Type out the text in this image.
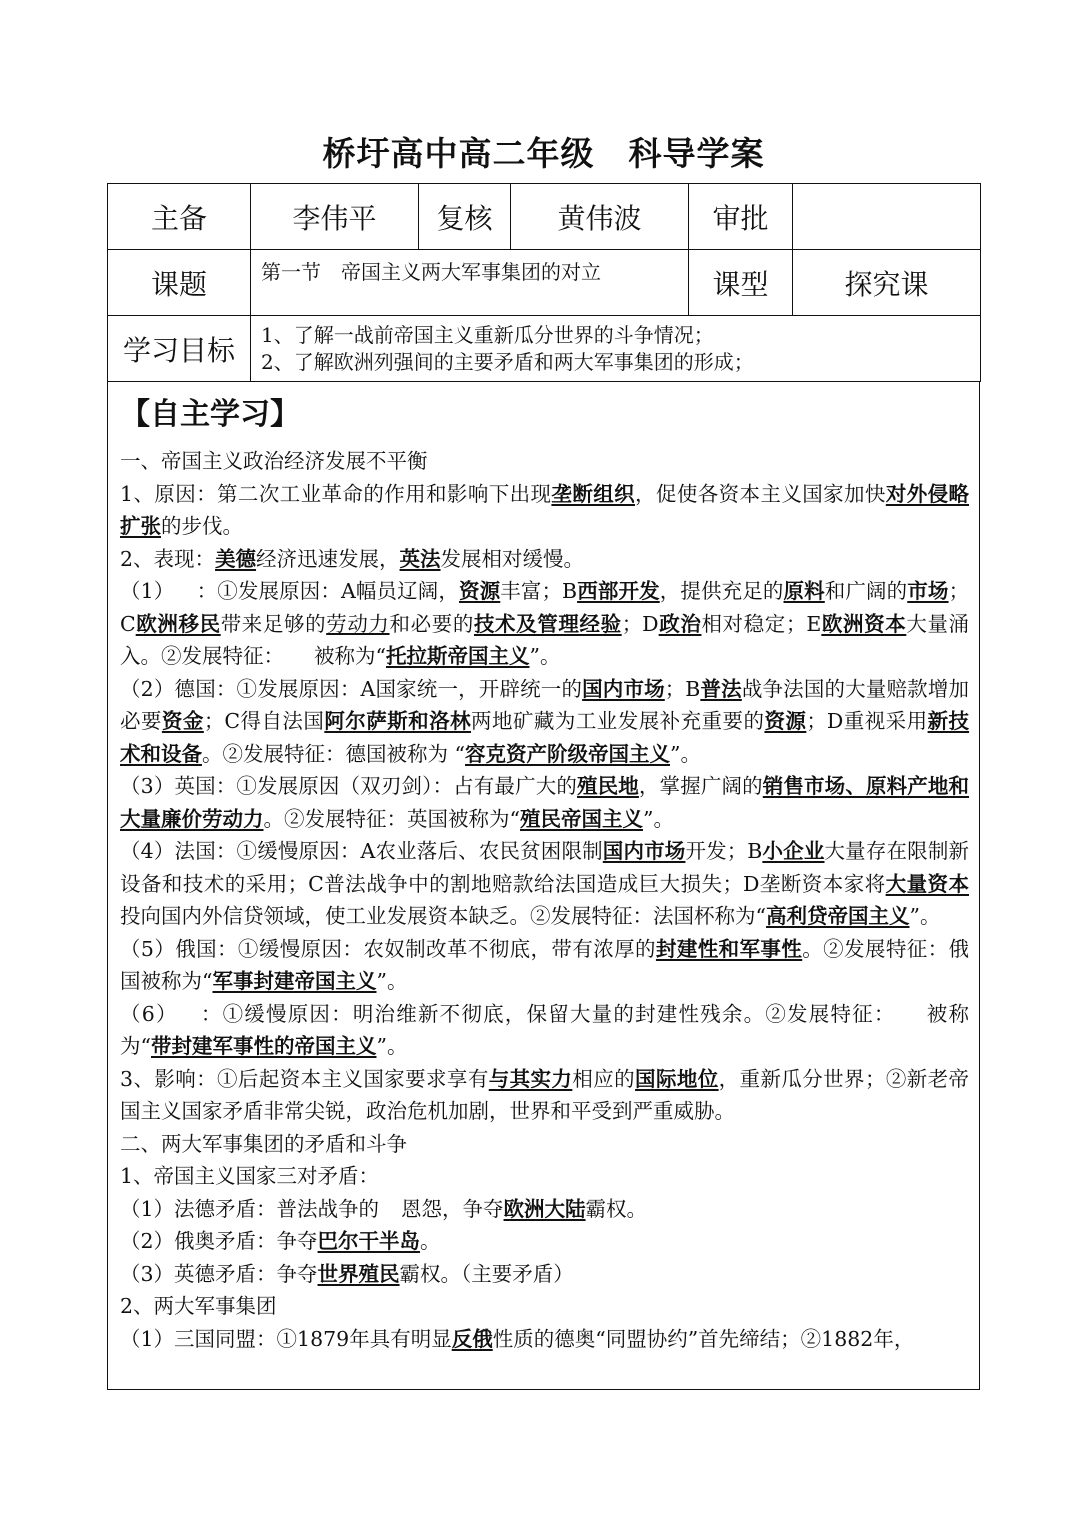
桥圩高中高二年级 科导学案
主备	李伟平	复核	黄伟波	审批	
课题	第一节　帝国主义两大军事集团的对立			课型	探究课
学习目标	1、了解一战前帝国主义重新瓜分世界的斗争情况；
2、了解欧洲列强间的主要矛盾和两大军事集团的形成；				
【自主学习】

一、帝国主义政治经济发展不平衡

1、原因：第二次工业革命的作用和影响下出现垄断组织，促使各资本主义国家加快对外侵略扩张的步伐。

2、表现：美德经济迅速发展，英法发展相对缓慢。

（1） ：①发展原因：A幅员辽阔，资源丰富；B西部开发，提供充足的原料和广阔的市场；C欧洲移民带来足够的劳动力和必要的技术及管理经验；D政治相对稳定；E欧洲资本大量涌入。②发展特征： 被称为“托拉斯帝国主义”。

（2）德国：①发展原因：A国家统一，开辟统一的国内市场；B普法战争法国的大量赔款增加必要资金；C得自法国阿尔萨斯和洛林两地矿藏为工业发展补充重要的资源；D重视采用新技术和设备。②发展特征：德国被称为 “容克资产阶级帝国主义”。

（3）英国：①发展原因（双刃剑）：占有最广大的殖民地，掌握广阔的销售市场、原料产地和大量廉价劳动力。②发展特征：英国被称为“殖民帝国主义”。

（4）法国：①缓慢原因：A农业落后、农民贫困限制国内市场开发；B小企业大量存在限制新设备和技术的采用；C普法战争中的割地赔款给法国造成巨大损失；D垄断资本家将大量资本投向国内外信贷领域，使工业发展资本缺乏。②发展特征：法国杯称为“高利贷帝国主义”。

（5）俄国：①缓慢原因：农奴制改革不彻底，带有浓厚的封建性和军事性。②发展特征：俄国被称为“军事封建帝国主义”。

（6） ：①缓慢原因：明治维新不彻底，保留大量的封建性残余。②发展特征： 被称为“带封建军事性的帝国主义”。

3、影响：①后起资本主义国家要求享有与其实力相应的国际地位，重新瓜分世界；②新老帝国主义国家矛盾非常尖锐，政治危机加剧，世界和平受到严重威胁。

二、两大军事集团的矛盾和斗争

1、帝国主义国家三对矛盾：

（1）法德矛盾：普法战争的 恩怨，争夺欧洲大陆霸权。

（2）俄奥矛盾：争夺巴尔干半岛。

（3）英德矛盾：争夺世界殖民霸权。（主要矛盾）

2、两大军事集团

（1）三国同盟：①1879年具有明显反俄性质的德奥“同盟协约”首先缔结；②1882年，
